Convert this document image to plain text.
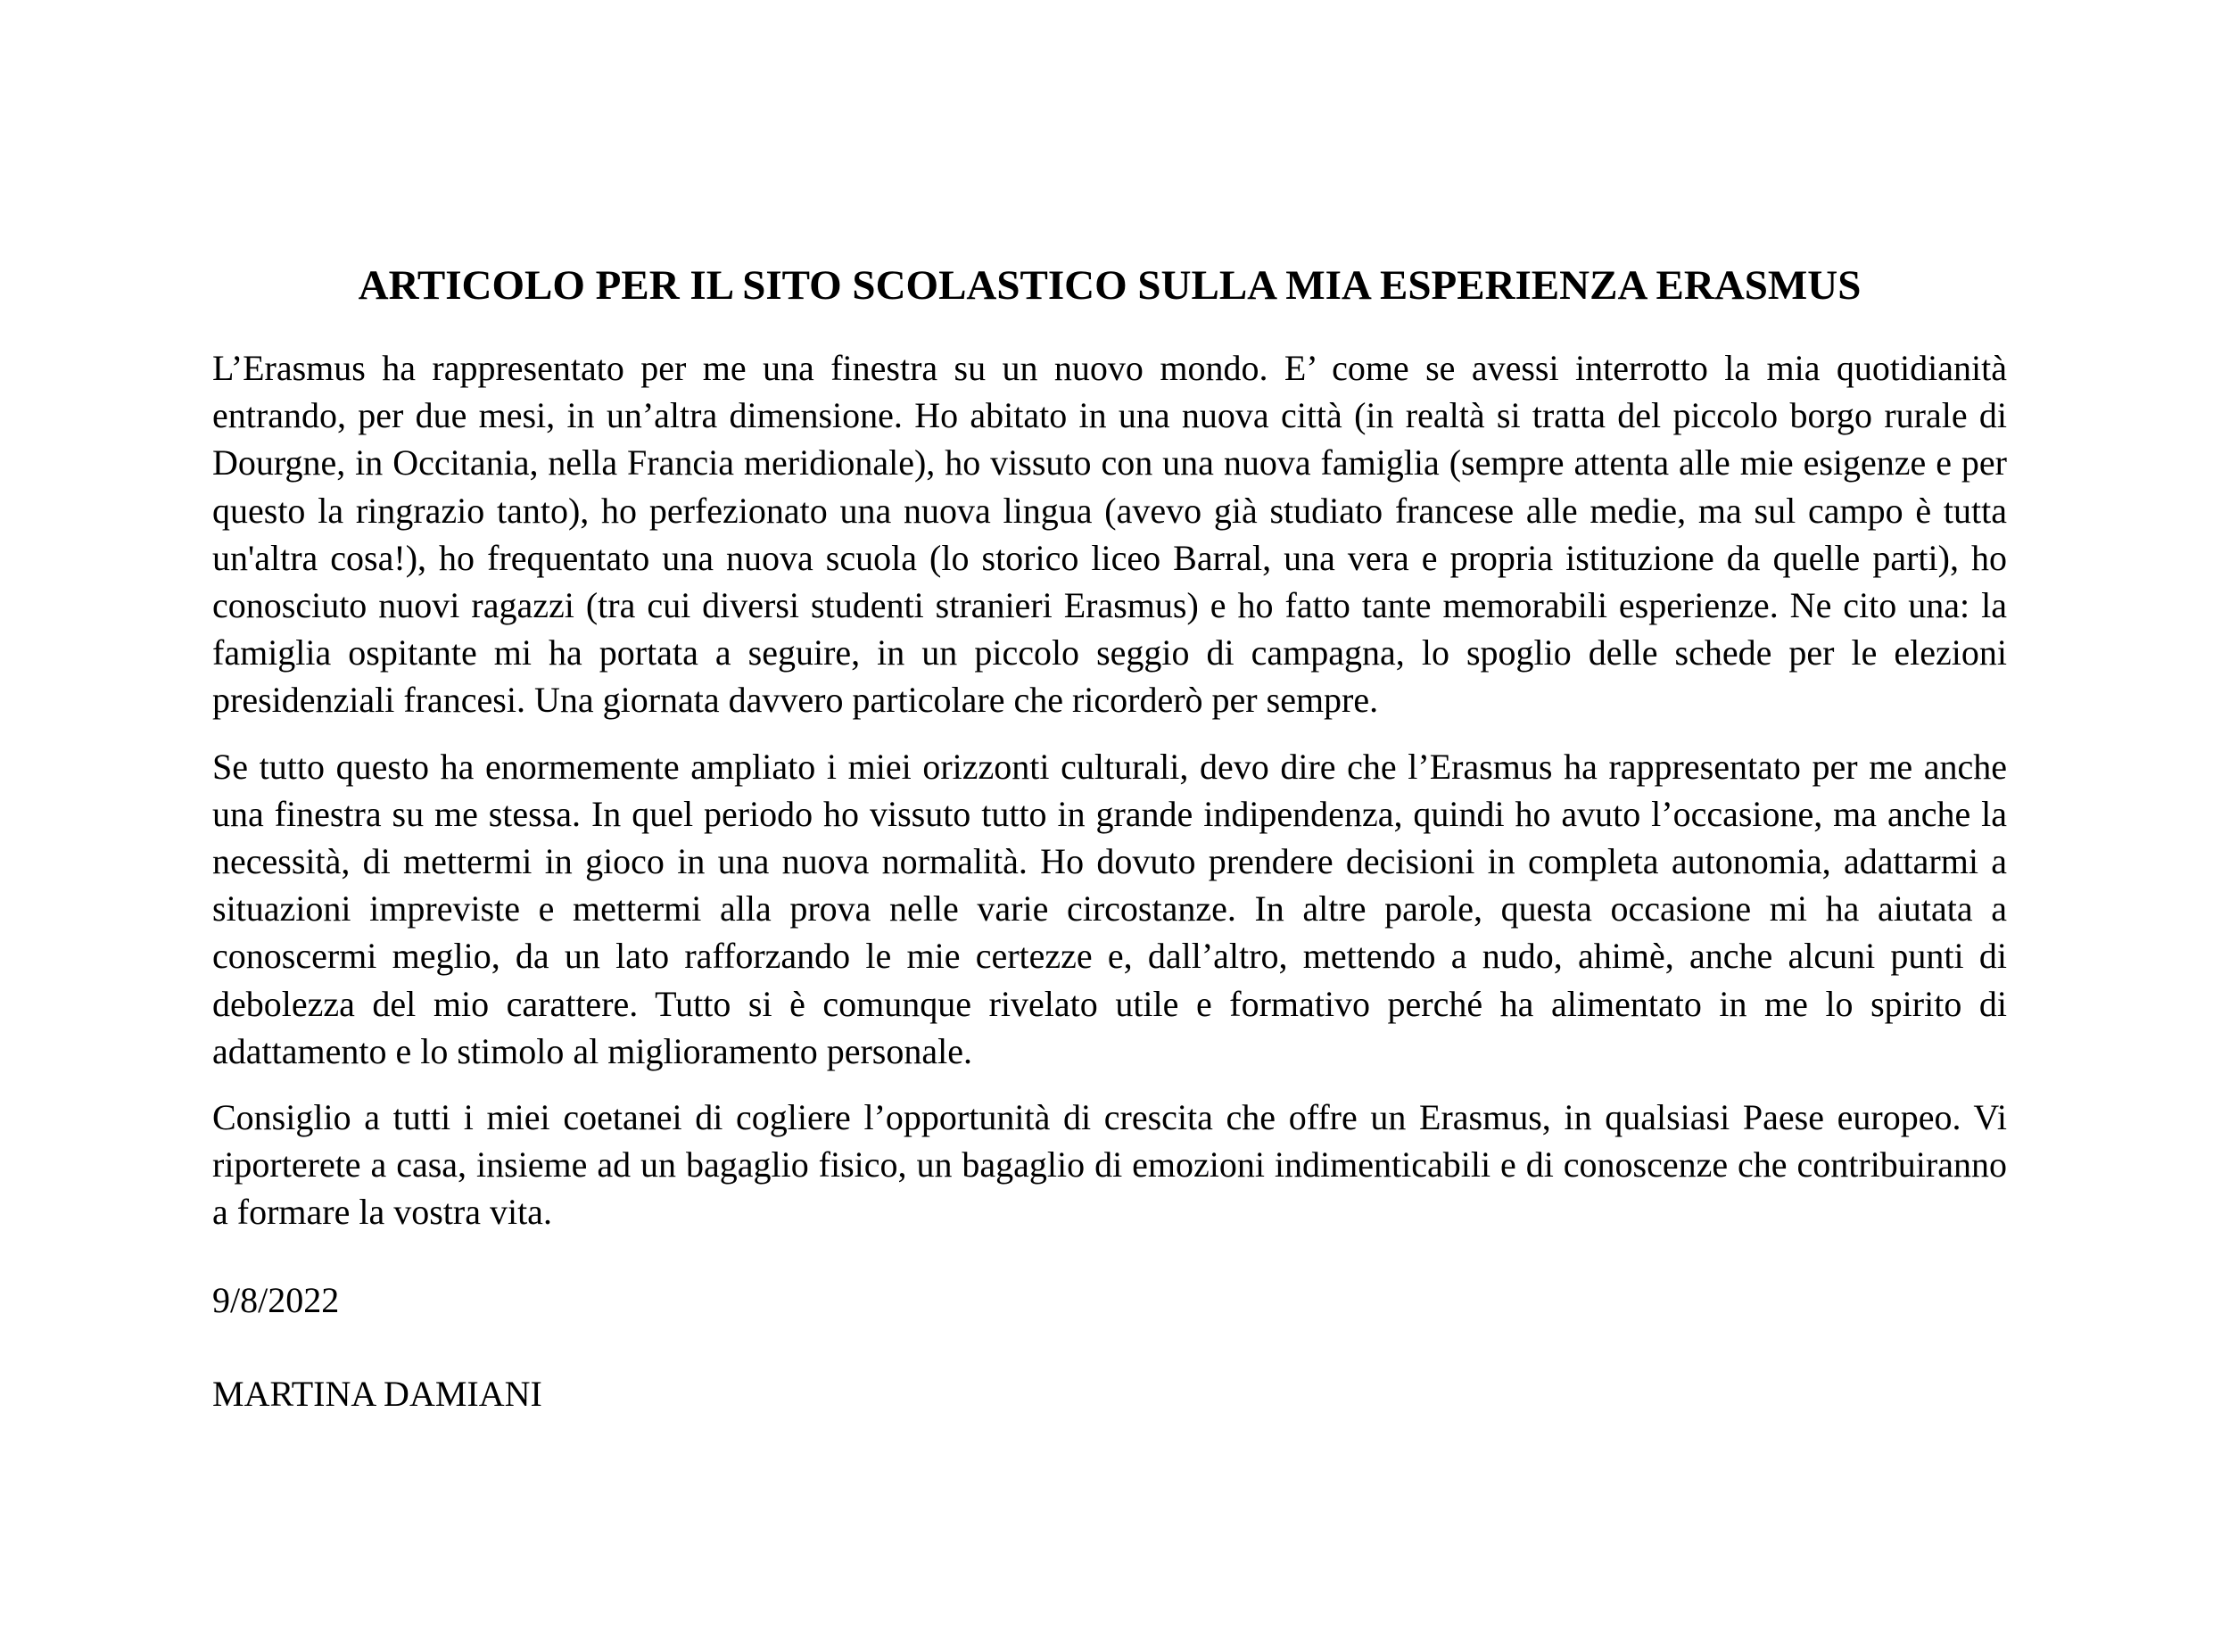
ARTICOLO PER IL SITO SCOLASTICO SULLA MIA ESPERIENZA ERASMUS

L’Erasmus ha rappresentato per me una finestra su un nuovo mondo. E’ come se avessi interrotto la mia quotidianità entrando, per due mesi, in un’altra dimensione. Ho abitato in una nuova città (in realtà si tratta del piccolo borgo rurale di Dourgne, in Occitania, nella Francia meridionale), ho vissuto con una nuova famiglia (sempre attenta alle mie esigenze e per questo la ringrazio tanto), ho perfezionato una nuova lingua (avevo già studiato francese alle medie, ma sul campo è tutta un'altra cosa!), ho frequentato una nuova scuola (lo storico liceo Barral, una vera e propria istituzione da quelle parti), ho conosciuto nuovi ragazzi (tra cui diversi studenti stranieri Erasmus) e ho fatto tante memorabili esperienze. Ne cito una: la famiglia ospitante mi ha portata a seguire, in un piccolo seggio di campagna, lo spoglio delle schede per le elezioni presidenziali francesi. Una giornata davvero particolare che ricorderò per sempre.

Se tutto questo ha enormemente ampliato i miei orizzonti culturali, devo dire che l’Erasmus ha rappresentato per me anche una finestra su me stessa. In quel periodo ho vissuto tutto in grande indipendenza, quindi ho avuto l’occasione, ma anche la necessità, di mettermi in gioco in una nuova normalità. Ho dovuto prendere decisioni in completa autonomia, adattarmi a situazioni impreviste e mettermi alla prova nelle varie circostanze. In altre parole, questa occasione mi ha aiutata a conoscermi meglio, da un lato rafforzando le mie certezze e, dall’altro, mettendo a nudo, ahimè, anche alcuni punti di debolezza del mio carattere. Tutto si è comunque rivelato utile e formativo perché ha alimentato in me lo spirito di adattamento e lo stimolo al miglioramento personale.

Consiglio a tutti i miei coetanei di cogliere l’opportunità di crescita che offre un Erasmus, in qualsiasi Paese europeo. Vi riporterete a casa, insieme ad un bagaglio fisico, un bagaglio di emozioni indimenticabili e di conoscenze che contribuiranno a formare la vostra vita.

9/8/2022

MARTINA DAMIANI
